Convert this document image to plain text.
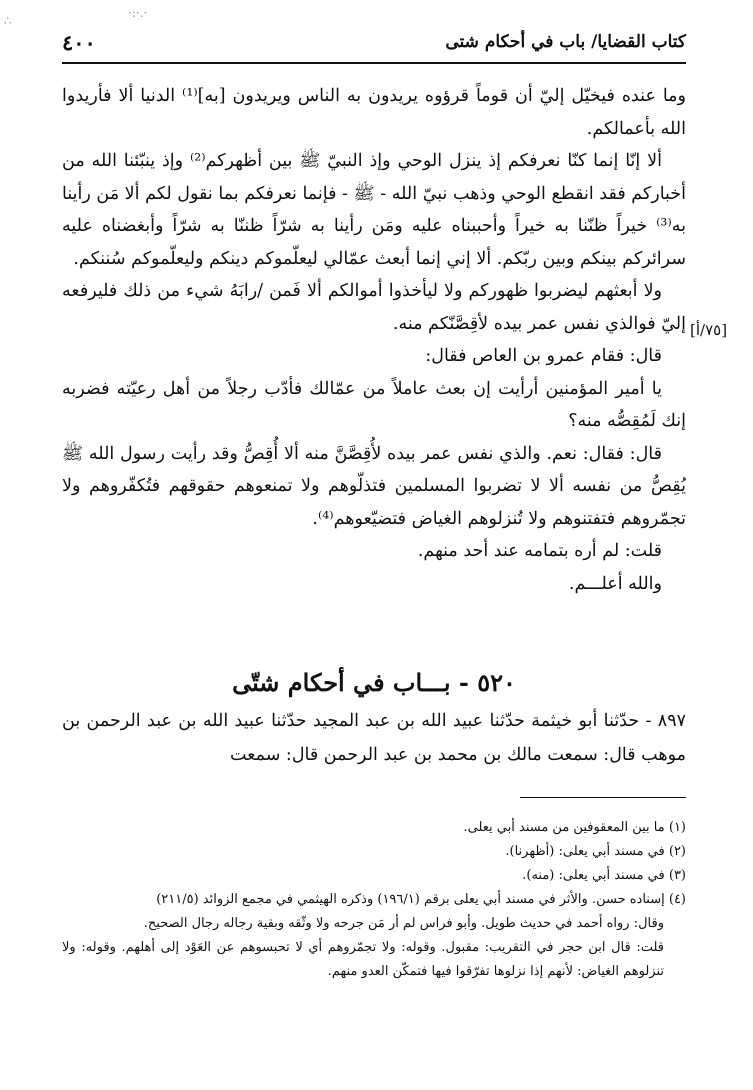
·:·.·
∴
كتاب القضايا/ باب في أحكام شتى
٤٠٠

وما عنده فيخيّل إليّ أن قوماً قرؤوه يريدون به الناس ويريدون [به]⁽¹⁾ الدنيا ألا فأريدوا الله بأعمالكم.

ألا إنّا إنما كنّا نعرفكم إذ ينزل الوحي وإذ النبيّ ﷺ بين أظهركم⁽²⁾ وإذ ينبّئنا الله من أخباركم فقد انقطع الوحي وذهب نبيّ الله - ﷺ - فإنما نعرفكم بما نقول لكم ألا مَن رأينا به⁽³⁾ خيراً ظنّنا به خيراً وأحببناه عليه ومَن رأينا به شرّاً ظننّا به شرّاً وأبغضناه عليه سرائركم بينكم وبين ربّكم. ألا إني إنما أبعث عمّالي ليعلّموكم دينكم وليعلّموكم سُننكم.

ولا أبعثهم ليضربوا ظهوركم ولا ليأخذوا أموالكم ألا فَمن /رابَهُ شيء من ذلك فليرفعه إليّ فوالذي نفس عمر بيده لأقِصَّنّكم منه.

قال: فقام عمرو بن العاص فقال:

يا أمير المؤمنين أرأيت إن بعث عاملاً من عمّالك فأدّب رجلاً من أهل رعيّته فضربه إنك لَمُقِصُّه منه؟

قال: فقال: نعم. والذي نفس عمر بيده لأُقِصَّنَّ منه ألا أُقِصُّ وقد رأيت رسول الله ﷺ يُقِصُّ من نفسه ألا لا تضربوا المسلمين فتذلّوهم ولا تمنعوهم حقوقهم فتُكفّروهم ولا تجمّروهم فتفتنوهم ولا تُنزلوهم الغياض فتضيّعوهم⁽⁴⁾.

قلت: لم أره بتمامه عند أحد منهم.

والله أعلـــم.

[٧٥/أ]
٥٢٠ - بـــاب في أحكام شتّى

٨٩٧ - حدّثنا أبو خيثمة حدّثنا عبيد الله بن عبد المجيد حدّثنا عبيد الله بن عبد الرحمن بن موهب قال: سمعت مالك بن محمد بن عبد الرحمن قال: سمعت

(١) ما بين المعقوفين من مسند أبي يعلى.

(٢) في مسند أبي يعلى: (أظهرنا).

(٣) في مسند أبي يعلى: (منه).

(٤) إسناده حسن. والأثر في مسند أبي يعلى برقم (١٩٦/١) وذكره الهيثمي في مجمع الزوائد (٢١١/٥)

وقال: رواه أحمد في حديث طويل. وأبو فراس لم أر مَن جرحه ولا وثّقه وبقية رجاله رجال الصحيح.

قلت: قال ابن حجر في التقريب: مقبول. وقوله: ولا تجمّروهم أي لا تحبسوهم عن العَوْد إلى أهلهم. وقوله: ولا تنزلوهم الغياض: لأنهم إذا نزلوها تفرّقوا فيها فتمكّن العدو منهم.
